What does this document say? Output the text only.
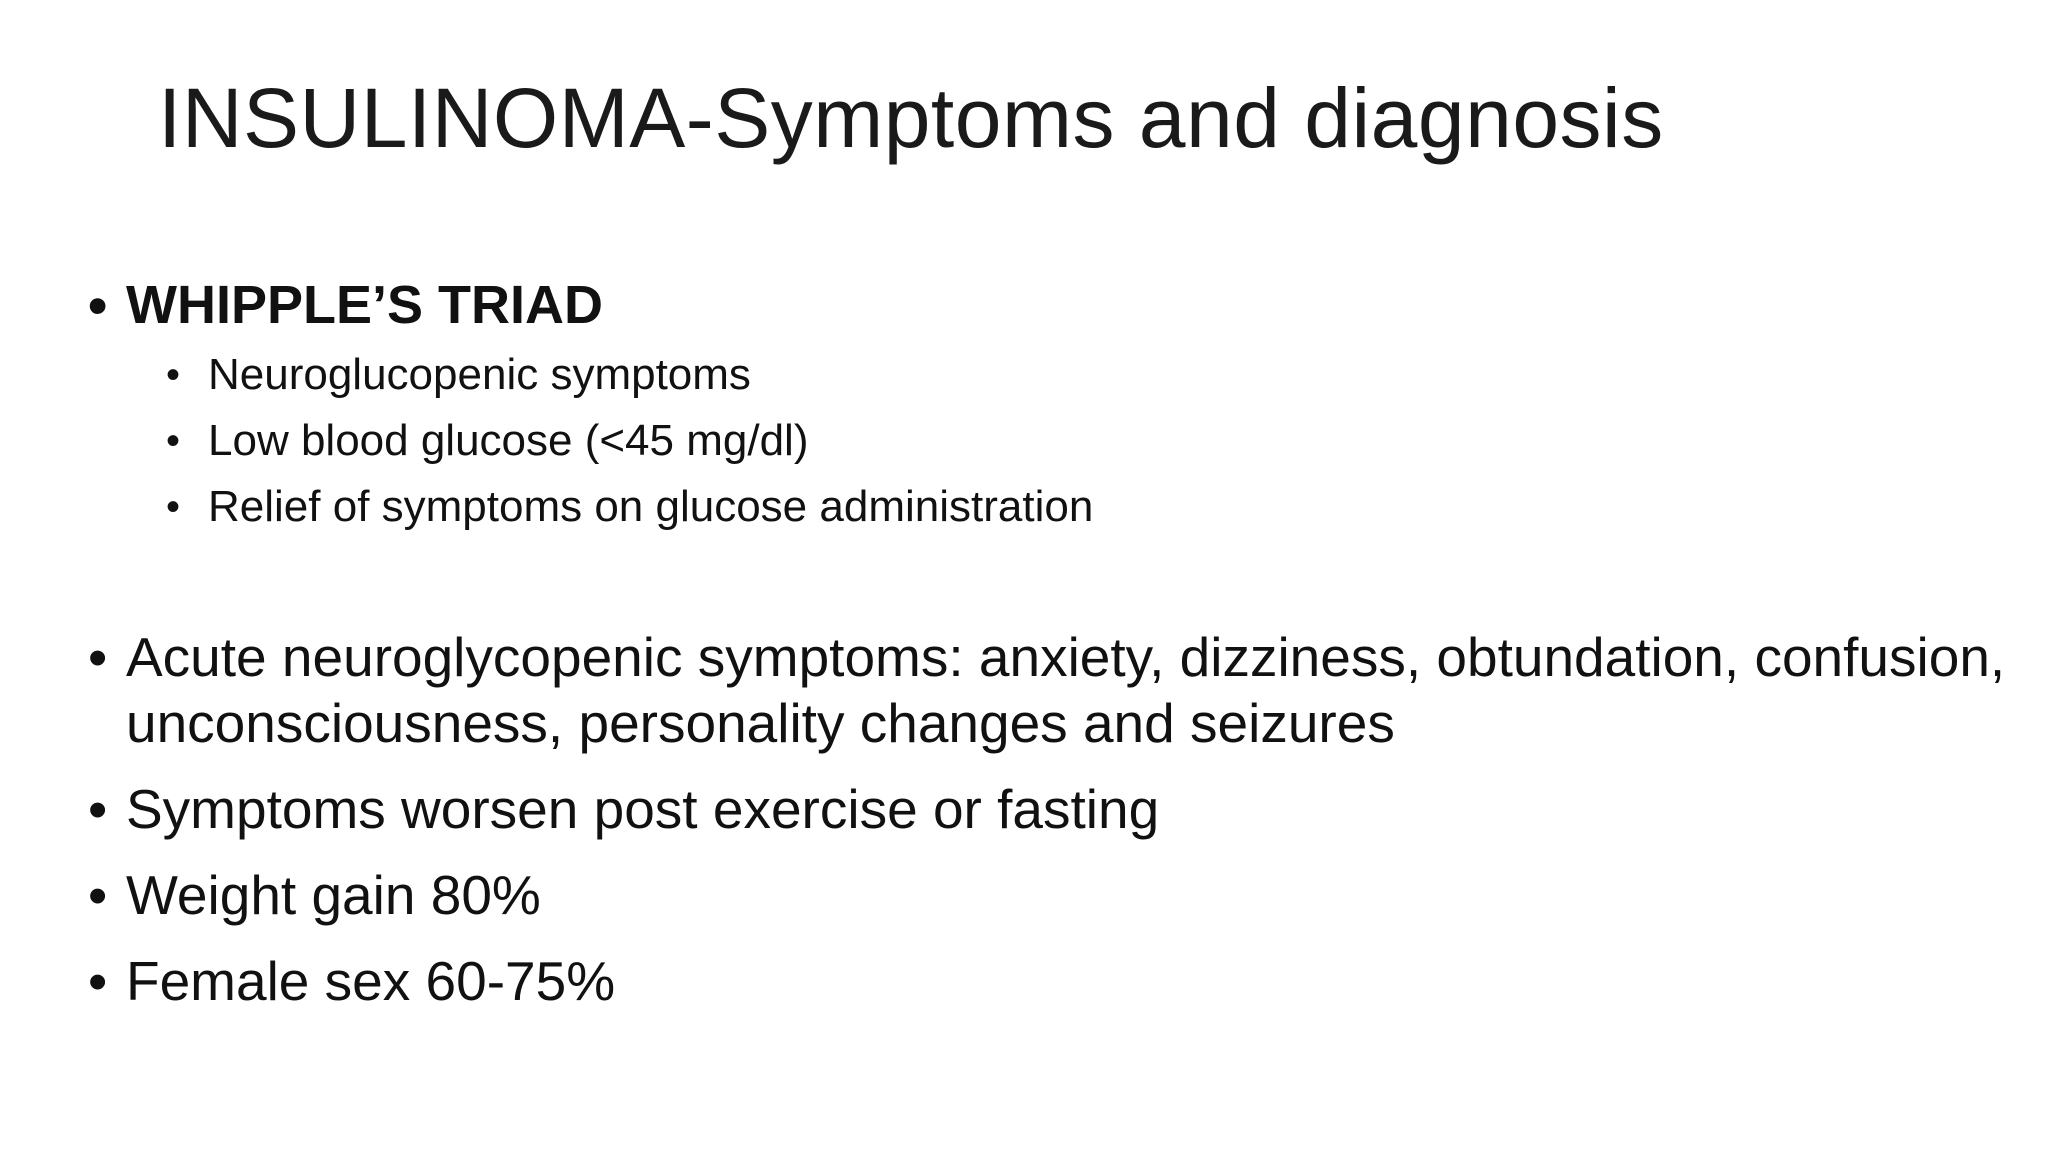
INSULINOMA-Symptoms and diagnosis
• WHIPPLE’S TRIAD
• Neuroglucopenic symptoms
• Low blood glucose (<45 mg/dl)
• Relief of symptoms on glucose administration
• Acute neuroglycopenic symptoms: anxiety, dizziness, obtundation, confusion, unconsciousness, personality changes and seizures
• Symptoms worsen post exercise or fasting
• Weight gain 80%
• Female sex 60-75%
